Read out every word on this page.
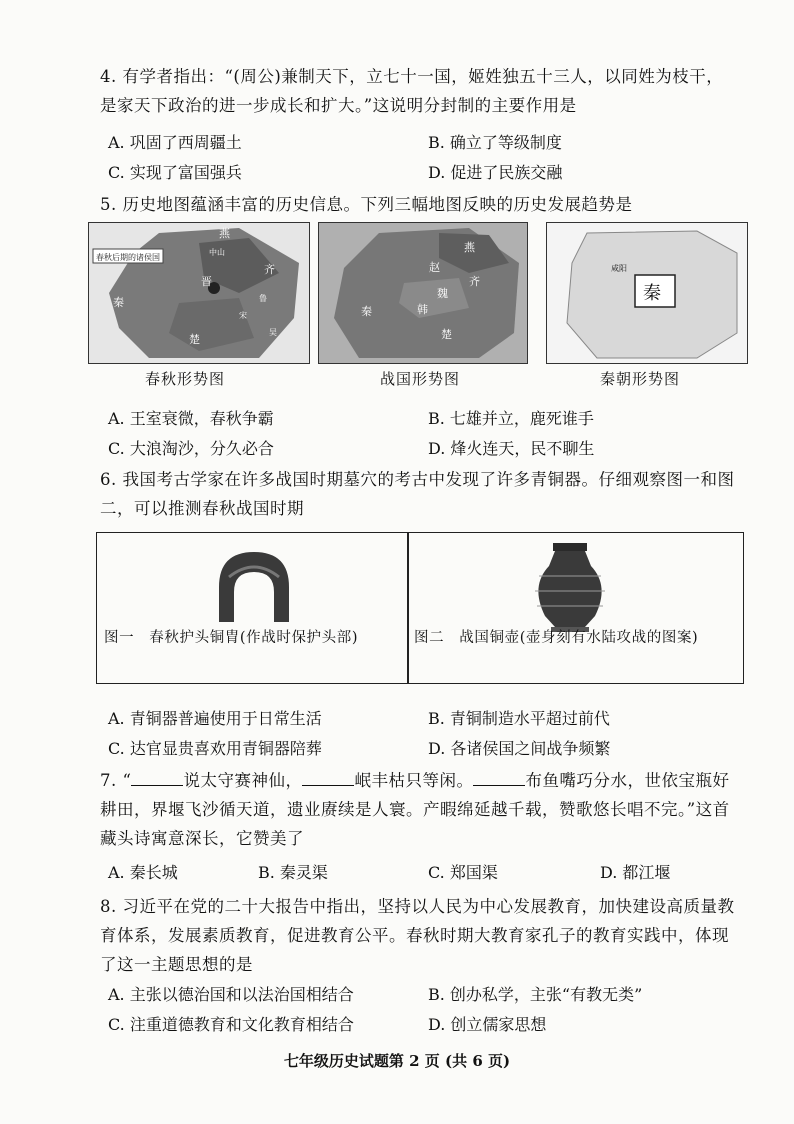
4. 有学者指出：“(周公)兼制天下，立七十一国，姬姓独五十三人，以同姓为枝干，是家天下政治的进一步成长和扩大。”这说明分封制的主要作用是
A. 巩固了西周疆土	B. 确立了等级制度
C. 实现了富国强兵	D. 促进了民族交融
5. 历史地图蕴涵丰富的历史信息。下列三幅地图反映的历史发展趋势是
春秋后期的诸侯国
燕
齐
晋
秦
楚
中山
鲁
宋
吴
燕
赵
齐
魏
韩
秦
楚
秦
咸阳
春秋形势图	战国形势图	秦朝形势图
A. 王室衰微，春秋争霸	B. 七雄并立，鹿死谁手
C. 大浪淘沙，分久必合	D. 烽火连天，民不聊生
6. 我国考古学家在许多战国时期墓穴的考古中发现了许多青铜器。仔细观察图一和图二，可以推测春秋战国时期
图一　春秋护头铜胄(作战时保护头部)	图二　战国铜壶(壶身刻有水陆攻战的图案)
A. 青铜器普遍使用于日常生活	B. 青铜制造水平超过前代
C. 达官显贵喜欢用青铜器陪葬	D. 各诸侯国之间战争频繁
7. “	说太守赛神仙，	岷丰枯只等闲。	布鱼嘴巧分水，世依宝瓶好耕田，界堰飞沙循天道，遗业赓续是人寰。产暇绵延越千载，赞歌悠长唱不完。”这首藏头诗寓意深长，它赞美了
A. 秦长城	B. 秦灵渠	C. 郑国渠	D. 都江堰
8. 习近平在党的二十大报告中指出，坚持以人民为中心发展教育，加快建设高质量教育体系，发展素质教育，促进教育公平。春秋时期大教育家孔子的教育实践中，体现了这一主题思想的是
A. 主张以德治国和以法治国相结合	B. 创办私学，主张“有教无类”
C. 注重道德教育和文化教育相结合	D. 创立儒家思想
七年级历史试题第 2 页 (共 6 页)
